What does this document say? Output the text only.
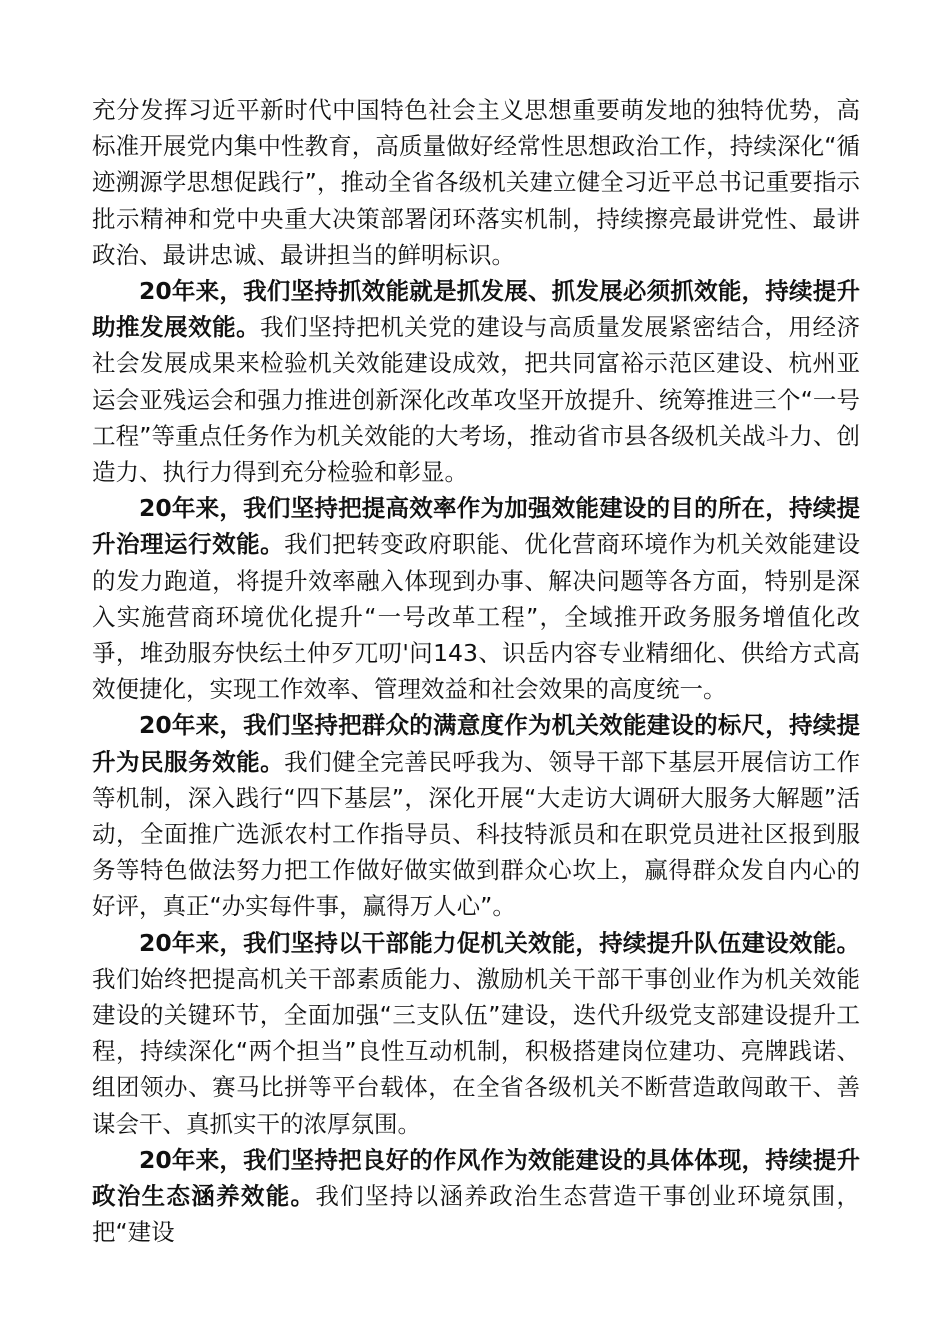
充分发挥习近平新时代中国特色社会主义思想重要萌发地的独特优势，高标准开展党内集中性教育，高质量做好经常性思想政治工作，持续深化“循迹溯源学思想促践行”，推动全省各级机关建立健全习近平总书记重要指示批示精神和党中央重大决策部署闭环落实机制，持续擦亮最讲党性、最讲政治、最讲忠诚、最讲担当的鲜明标识。

20年来，我们坚持抓效能就是抓发展、抓发展必须抓效能，持续提升助推发展效能。我们坚持把机关党的建设与高质量发展紧密结合，用经济社会发展成果来检验机关效能建设成效，把共同富裕示范区建设、杭州亚运会亚残运会和强力推进创新深化改革攻坚开放提升、统筹推进三个“一号工程”等重点任务作为机关效能的大考场，推动省市县各级机关战斗力、创造力、执行力得到充分检验和彰显。

20年来，我们坚持把提高效率作为加强效能建设的目的所在，持续提升治理运行效能。我们把转变政府职能、优化营商环境作为机关效能建设的发力跑道，将提升效率融入体现到办事、解决问题等各方面，特别是深入实施营商环境优化提升“一号改革工程”，全域推开政务服务增值化改爭，堆劲服夯快纭土仲歹兀叨'问143、识岳内容专业精细化、供给方式高效便捷化，实现工作效率、管理效益和社会效果的高度统一。

20年来，我们坚持把群众的满意度作为机关效能建设的标尺，持续提升为民服务效能。我们健全完善民呼我为、领导干部下基层开展信访工作等机制，深入践行“四下基层”，深化开展“大走访大调研大服务大解题”活动，全面推广选派农村工作指导员、科技特派员和在职党员进社区报到服务等特色做法努力把工作做好做实做到群众心坎上，赢得群众发自内心的好评，真正“办实每件事，赢得万人心”。

20年来，我们坚持以干部能力促机关效能，持续提升队伍建设效能。我们始终把提高机关干部素质能力、激励机关干部干事创业作为机关效能建设的关键环节，全面加强“三支队伍”建设，迭代升级党支部建设提升工程，持续深化“两个担当”良性互动机制，积极搭建岗位建功、亮牌践诺、组团领办、赛马比拼等平台载体，在全省各级机关不断营造敢闯敢干、善谋会干、真抓实干的浓厚氛围。

20年来，我们坚持把良好的作风作为效能建设的具体体现，持续提升政治生态涵养效能。我们坚持以涵养政治生态营造干事创业环境氛围，把“建设
